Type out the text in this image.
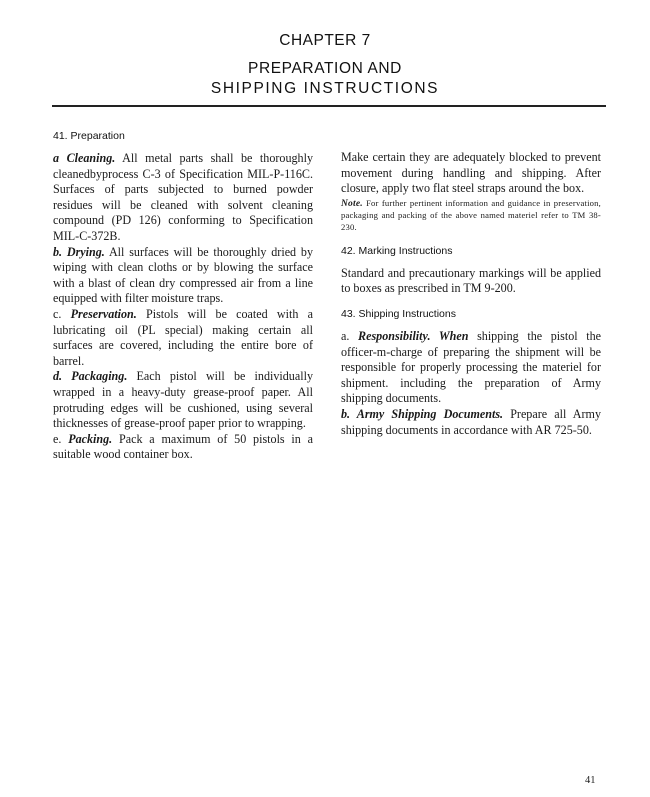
CHAPTER 7
PREPARATION AND
SHIPPING INSTRUCTIONS
41. Preparation

a Cleaning. All metal parts shall be thoroughly cleanedbyprocess C-3 of Specification MIL-P-116C. Surfaces of parts subjected to burned powder residues will be cleaned with solvent cleaning compound (PD 126) conforming to Specification MIL-C-372B.

b. Drying. All surfaces will be thoroughly dried by wiping with clean cloths or by blowing the surface with a blast of clean dry compressed air from a line equipped with filter moisture traps.

c. Preservation. Pistols will be coated with a lubricating oil (PL special) making certain all surfaces are covered, including the entire bore of barrel.

d. Packaging. Each pistol will be individually wrapped in a heavy-duty grease-proof paper. All protruding edges will be cushioned, using several thicknesses of grease-proof paper prior to wrapping.

e. Packing. Pack a maximum of 50 pistols in a suitable wood container box.

Make certain they are adequately blocked to prevent movement during handling and shipping. After closure, apply two flat steel straps around the box.

Note. For further pertinent information and guidance in preservation, packaging and packing of the above named materiel refer to TM 38-230.

42. Marking Instructions

Standard and precautionary markings will be applied to boxes as prescribed in TM 9-200.

43. Shipping Instructions

a. Responsibility. When shipping the pistol the officer-m-charge of preparing the shipment will be responsible for properly processing the materiel for shipment. including the preparation of Army shipping documents.

b. Army Shipping Documents. Prepare all Army shipping documents in accordance with AR 725-50.

41
